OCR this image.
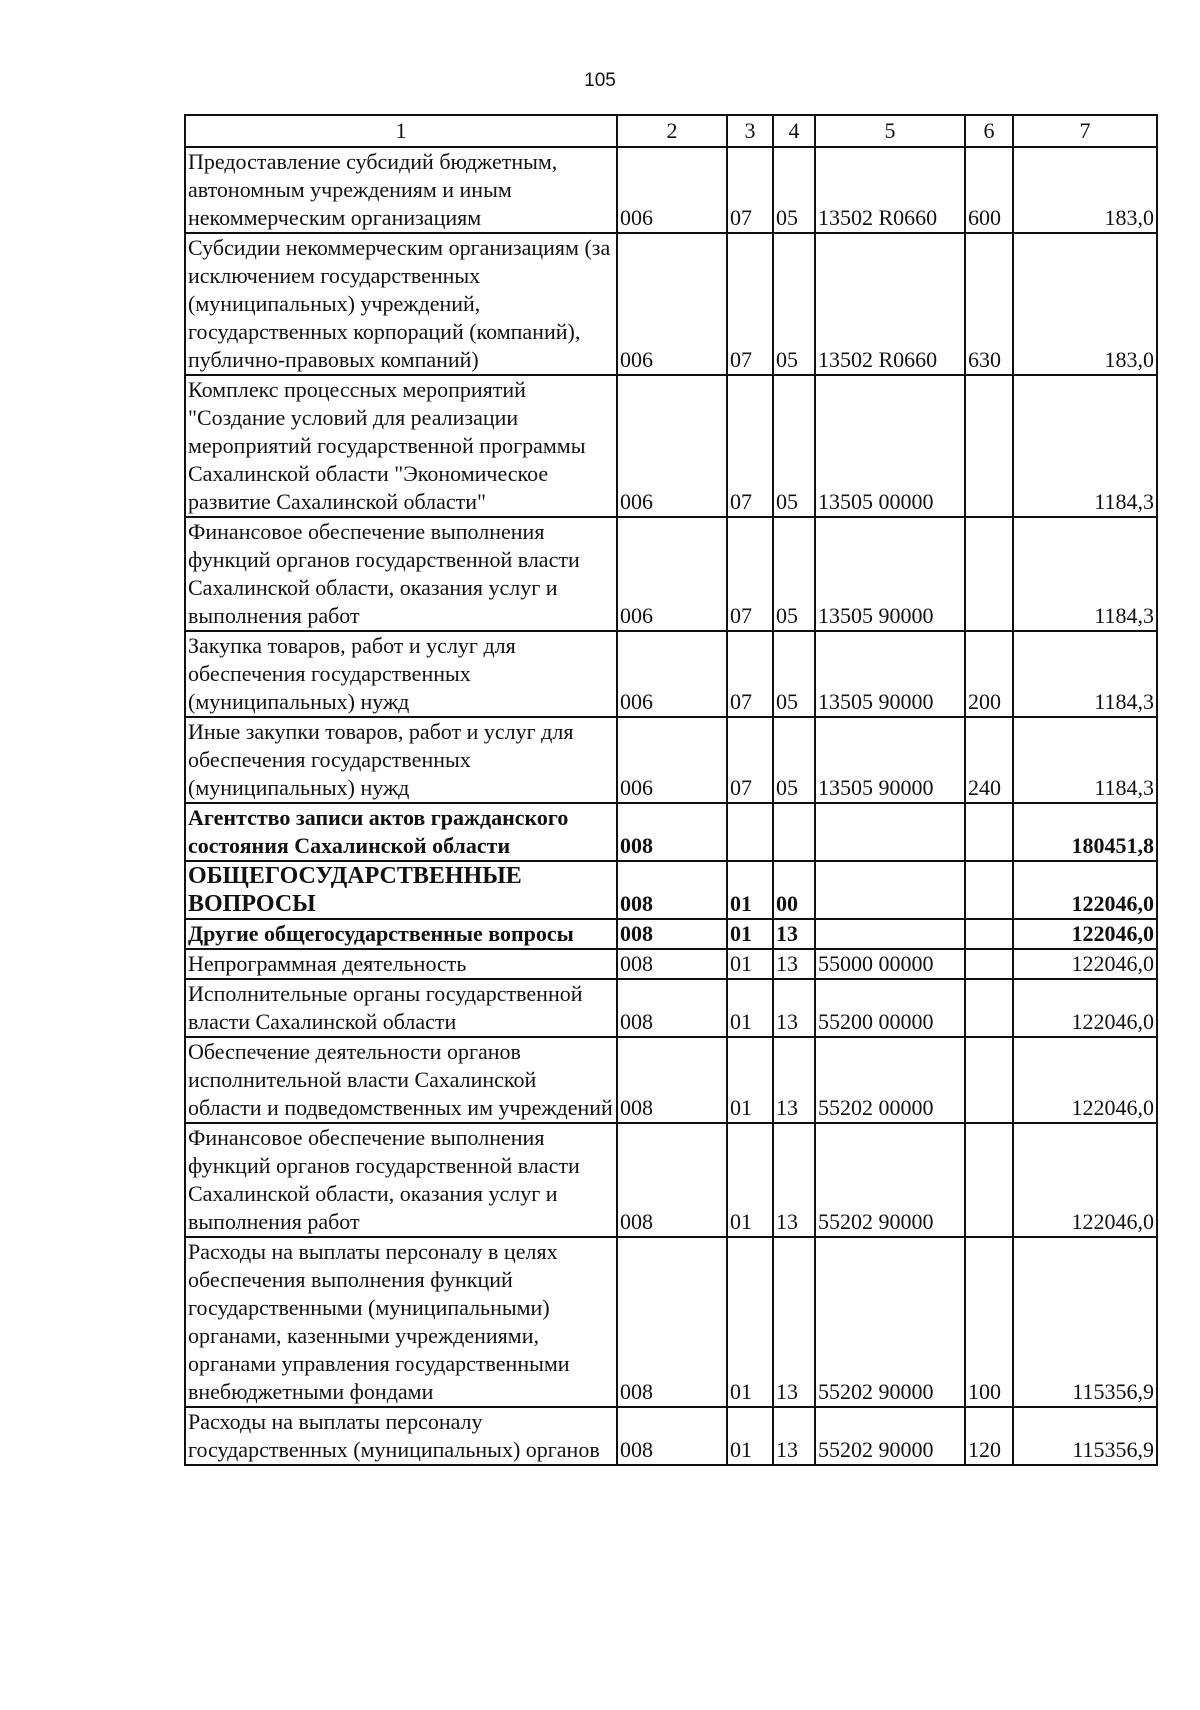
105
1	2	3	4	5	6	7
Предоставление субсидий бюджетным, автономным учреждениям и иным некоммерческим организациям	006	07	05	13502 R0660	600	183,0
Субсидии некоммерческим организациям (за исключением государственных (муниципальных) учреждений, государственных корпораций (компаний), публично-правовых компаний)	006	07	05	13502 R0660	630	183,0
Комплекс процессных мероприятий "Создание условий для реализации мероприятий государственной программы Сахалинской области "Экономическое развитие Сахалинской области"	006	07	05	13505 00000		1184,3
Финансовое обеспечение выполнения функций органов государственной власти Сахалинской области, оказания услуг и выполнения работ	006	07	05	13505 90000		1184,3
Закупка товаров, работ и услуг для обеспечения государственных (муниципальных) нужд	006	07	05	13505 90000	200	1184,3
Иные закупки товаров, работ и услуг для обеспечения государственных (муниципальных) нужд	006	07	05	13505 90000	240	1184,3
Агентство записи актов гражданского состояния Сахалинской области	008					180451,8
ОБЩЕГОСУДАРСТВЕННЫЕ ВОПРОСЫ	008	01	00			122046,0
Другие общегосударственные вопросы	008	01	13			122046,0
Непрограммная деятельность	008	01	13	55000 00000		122046,0
Исполнительные органы государственной власти Сахалинской области	008	01	13	55200 00000		122046,0
Обеспечение деятельности органов исполнительной власти Сахалинской области и подведомственных им учреждений	008	01	13	55202 00000		122046,0
Финансовое обеспечение выполнения функций органов государственной власти Сахалинской области, оказания услуг и выполнения работ	008	01	13	55202 90000		122046,0
Расходы на выплаты персоналу в целях обеспечения выполнения функций государственными (муниципальными) органами, казенными учреждениями, органами управления государственными внебюджетными фондами	008	01	13	55202 90000	100	115356,9
Расходы на выплаты персоналу государственных (муниципальных) органов	008	01	13	55202 90000	120	115356,9
